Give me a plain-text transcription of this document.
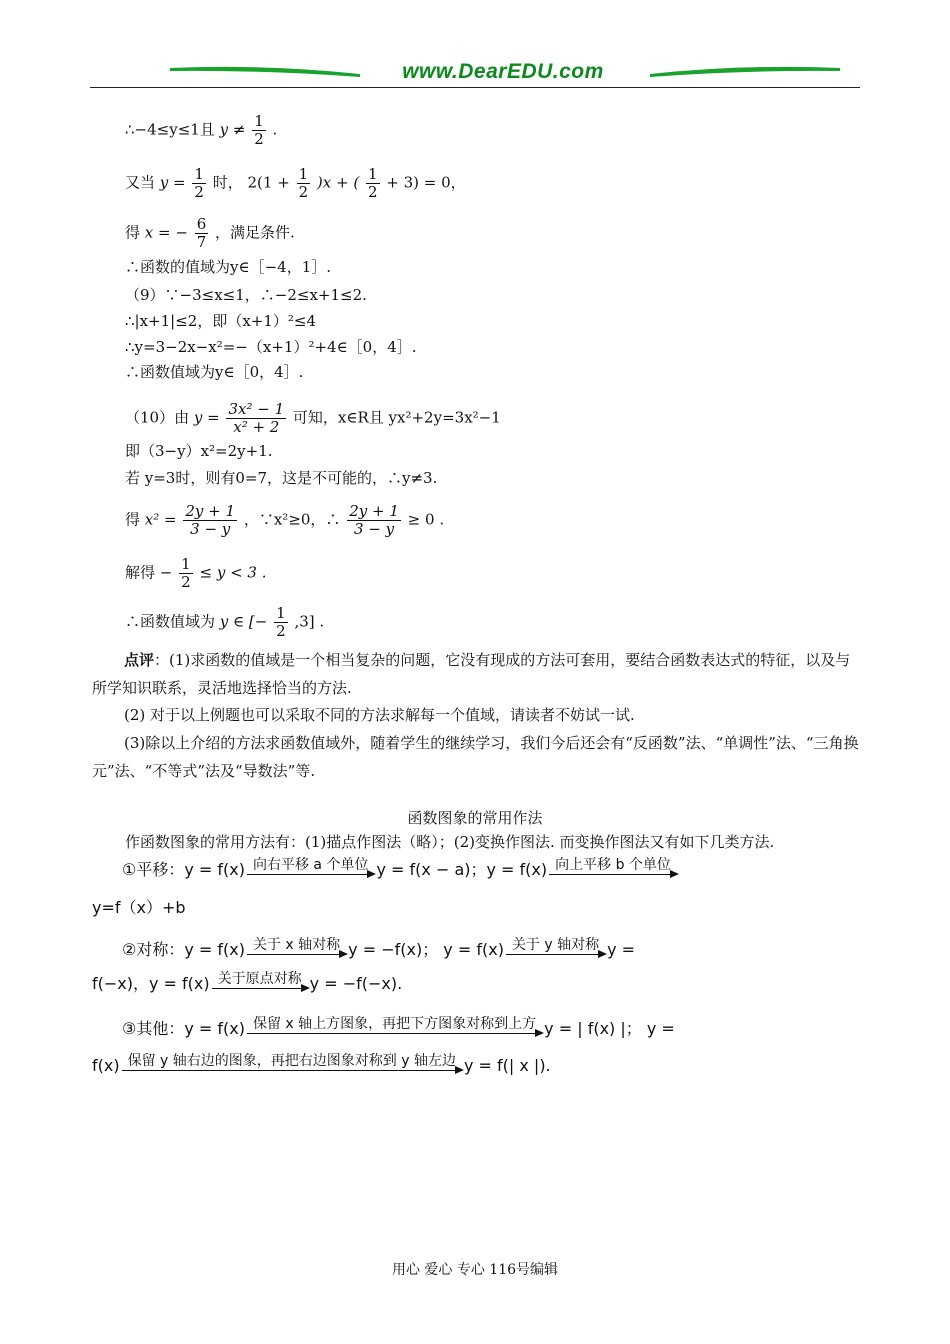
www.DearEDU.com
∴−4≤y≤1且 $y \ne \frac{1}{2}$ .
又当 $y = \frac{1}{2}$ 时， $2(1 + \frac{1}{2} )x$ + ( $\frac{1}{2} + 3) = 0$，
得 x = − $\frac{6}{7}$ ，满足条件.
∴函数的值域为y∈［−4，1］.
（9）∵−3≤x≤1，∴−2≤x+1≤2.
∴|x+1|≤2，即（x+1）²≤4
∴y=3−2x−x²=−（x+1）²+4∈［0，4］.
∴函数值域为y∈［0，4］.
（10）由 $y = \frac{\text{3x² − 1}}{\text{x² + 2}}$ 可知，x∈R且 yx²+2y=3x²−1
即（3−y）x²=2y+1.
若 y=3时，则有0=7，这是不可能的，∴y≠3.
得 $x^2 = \frac{2y + 1}{3 - y}$ ，∵x²≥0，∴ $\frac{2y + 1}{3 - y} \ge 0$ .
解得 − $\frac{1}{2} \le y < 3$ .
∴函数值域为 y ∈ [− $\frac{1}{2} ,3$] .
点评：(1)求函数的值域是一个相当复杂的问题，它没有现成的方法可套用，要结合函数表达式的特征，以及与所学知识联系，灵活地选择恰当的方法.
(2) 对于以上例题也可以采取不同的方法求解每一个值域，请读者不妨试一试.
(3)除以上介绍的方法求函数值域外，随着学生的继续学习，我们今后还会有“反函数”法、“单调性”法、“三角换元”法、“不等式”法及“导数法”等.
函数图象的常用作法
作函数图象的常用方法有：(1)描点作图法（略）；(2)变换作图法. 而变换作图法又有如下几类方法.
①平移：y = f(x) 向右平移 a 个单位 y = f(x − a)；y = f(x) 向上平移 b 个单位
y=f（x）+b
②对称：y = f(x) 关于 x 轴对称 y = −f(x)； y = f(x) 关于 y 轴对称 y =
f(−x)，y = f(x) 关于原点对称 y = −f(−x).
③其他：y = f(x) 保留 x 轴上方图象，再把下方图象对称到上方 y = | f(x) |； y =
f(x) 保留 y 轴右边的图象，再把右边图象对称到 y 轴左边 y = f(| x |).
用心 爱心 专心 116号编辑
